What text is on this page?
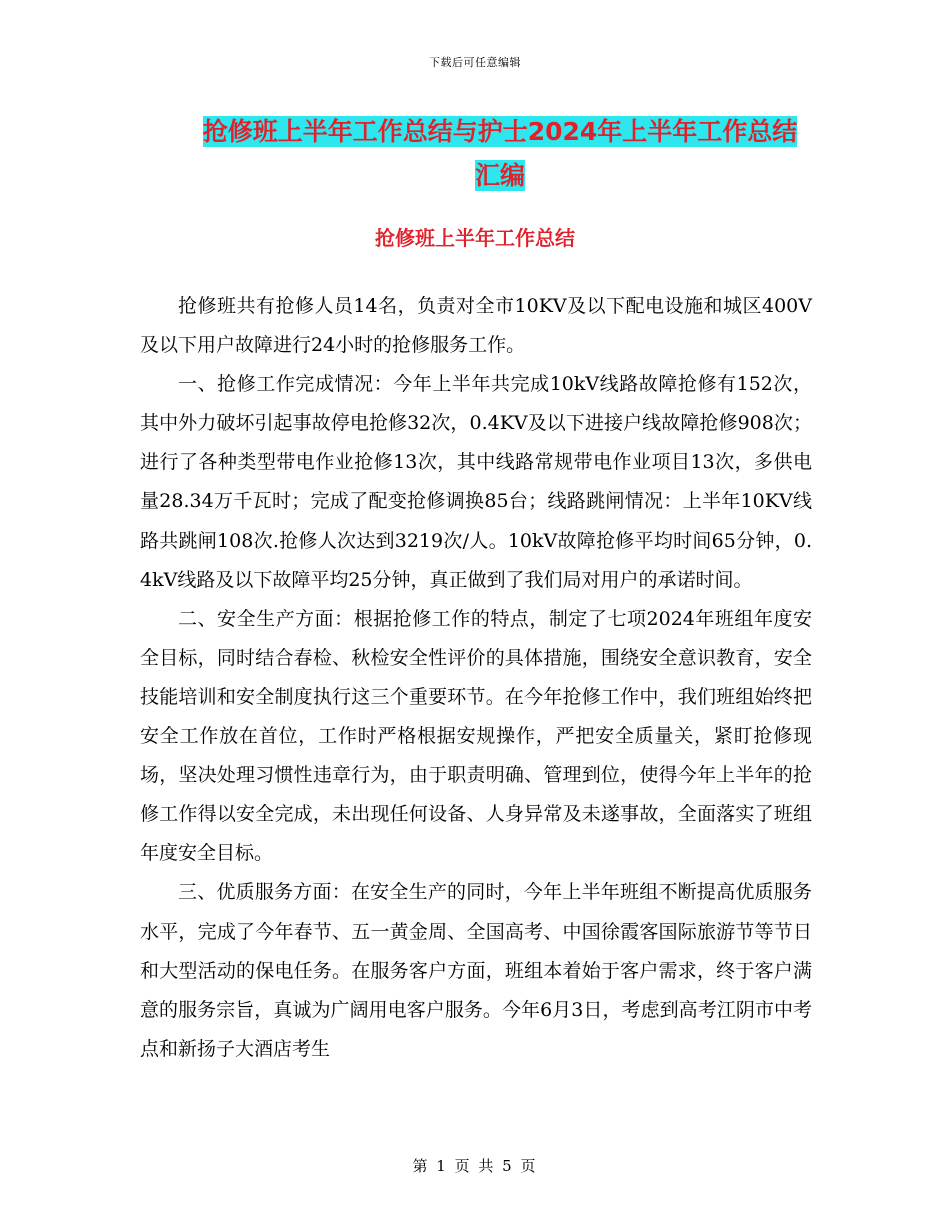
下载后可任意编辑
抢修班上半年工作总结与护士2024年上半年工作总结
汇编
抢修班上半年工作总结

抢修班共有抢修人员14名，负责对全市10KV及以下配电设施和城区400V及以下用户故障进行24小时的抢修服务工作。

一、抢修工作完成情况：今年上半年共完成10kV线路故障抢修有152次，其中外力破坏引起事故停电抢修32次，0.4KV及以下进接户线故障抢修908次；进行了各种类型带电作业抢修13次，其中线路常规带电作业项目13次，多供电量28.34万千瓦时；完成了配变抢修调换85台；线路跳闸情况：上半年10KV线路共跳闸108次.抢修人次达到3219次/人。10kV故障抢修平均时间65分钟，0.4kV线路及以下故障平均25分钟，真正做到了我们局对用户的承诺时间。

二、安全生产方面：根据抢修工作的特点，制定了七项2024年班组年度安全目标，同时结合春检、秋检安全性评价的具体措施，围绕安全意识教育，安全技能培训和安全制度执行这三个重要环节。在今年抢修工作中，我们班组始终把安全工作放在首位，工作时严格根据安规操作，严把安全质量关，紧盯抢修现场，坚决处理习惯性违章行为，由于职责明确、管理到位，使得今年上半年的抢修工作得以安全完成，未出现任何设备、人身异常及未遂事故，全面落实了班组年度安全目标。

三、优质服务方面：在安全生产的同时，今年上半年班组不断提高优质服务水平，完成了今年春节、五一黄金周、全国高考、中国徐霞客国际旅游节等节日和大型活动的保电任务。在服务客户方面，班组本着始于客户需求，终于客户满意的服务宗旨，真诚为广阔用电客户服务。今年6月3日，考虑到高考江阴市中考点和新扬子大酒店考生

第 1 页 共 5 页
